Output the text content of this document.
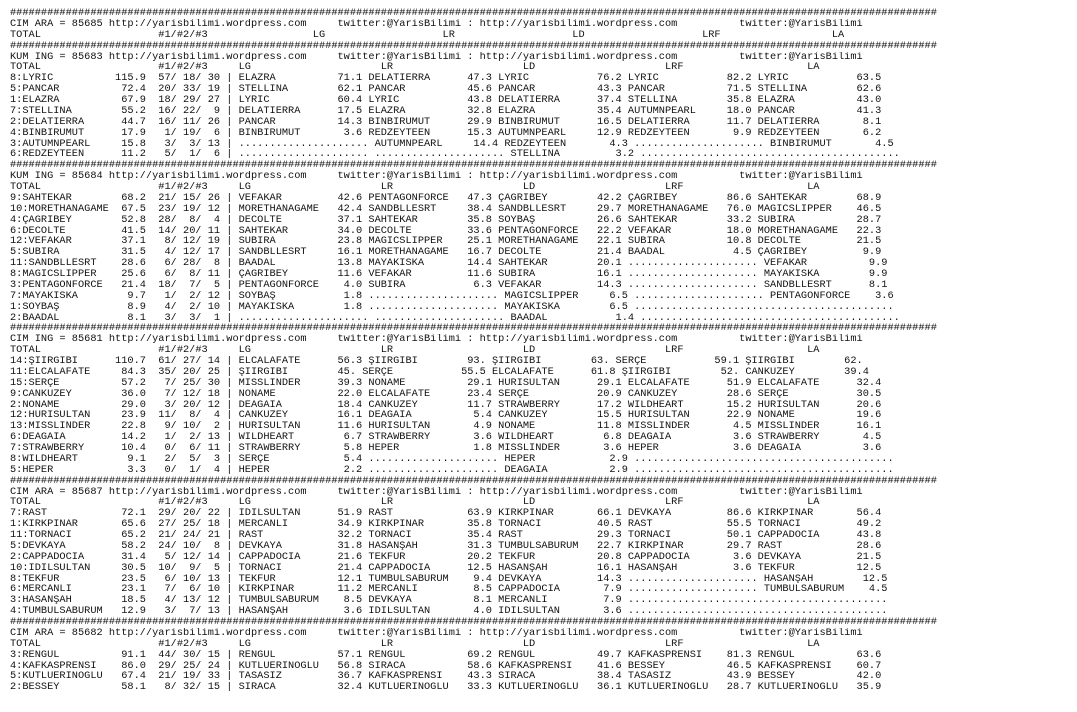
######################################################################################################################################################
CIM ARA = 85685 http://yarisbilimi.wordpress.com     twitter:@YarisBilimi : http://yarisbilimi.wordpress.com          twitter:@YarisBilimi
TOTAL                   #1/#2/#3                 LG                   LR                   LD                   LRF                  LA
######################################################################################################################################################
KUM ING = 85683 http://yarisbilimi.wordpress.com     twitter:@YarisBilimi : http://yarisbilimi.wordpress.com          twitter:@YarisBilimi
TOTAL                   #1/#2/#3     LG                     LR                     LD                     LRF                    LA
8:LYRIC          115.9  57/ 18/ 30 | ELAZRA          71.1 DELATIERRA      47.3 LYRIC           76.2 LYRIC           82.2 LYRIC           63.5
5:PANCAR          72.4  20/ 33/ 19 | STELLINA        62.1 PANCAR          45.6 PANCAR          43.3 PANCAR          71.5 STELLINA        62.6
1:ELAZRA          67.9  18/ 29/ 27 | LYRIC           60.4 LYRIC           43.8 DELATIERRA      37.4 STELLINA        35.8 ELAZRA          43.0
7:STELLINA        55.2  16/ 22/  9 | DELATIERRA      17.5 ELAZRA          32.8 ELAZRA          35.4 AUTUMNPEARL     18.0 PANCAR          41.3
2:DELATIERRA      44.7  16/ 11/ 26 | PANCAR          14.3 BINBIRUMUT      29.9 BINBIRUMUT      16.5 DELATIERRA      11.7 DELATIERRA       8.1
4:BINBIRUMUT      17.9   1/ 19/  6 | BINBIRUMUT       3.6 REDZEYTEEN      15.3 AUTUMNPEARL     12.9 REDZEYTEEN       9.9 REDZEYTEEN       6.2
3:AUTUMNPEARL     15.8   3/  3/ 13 | ..................... AUTUMNPEARL     14.4 REDZEYTEEN       4.3 ..................... BINBIRUMUT       4.5
6:REDZEYTEEN      11.2   5/  1/  6 | ..................... ..................... STELLINA         3.2 ..........................................
######################################################################################################################################################
KUM ING = 85684 http://yarisbilimi.wordpress.com     twitter:@YarisBilimi : http://yarisbilimi.wordpress.com          twitter:@YarisBilimi
TOTAL                   #1/#2/#3     LG                     LR                     LD                     LRF                    LA
9:SAHTEKAR        68.2  21/ 15/ 26 | VEFAKAR         42.6 PENTAGONFORCE   47.3 ÇAĞRIBEY        42.2 ÇAĞRIBEY        86.6 SAHTEKAR        68.9
10:MORETHANAGAME  67.5  23/ 19/ 12 | MORETHANAGAME   42.4 SANDBLLESRT     38.4 SANDBLLESRT     29.7 MORETHANAGAME   76.0 MAGICSLIPPER    46.5
4:ÇAĞRIBEY        52.8  28/  8/  4 | DECOLTE         37.1 SAHTEKAR        35.8 SOYBAŞ          26.6 SAHTEKAR        33.2 SUBIRA          28.7
6:DECOLTE         41.5  14/ 20/ 11 | SAHTEKAR        34.0 DECOLTE         33.6 PENTAGONFORCE   22.2 VEFAKAR         18.0 MORETHANAGAME   22.3
12:VEFAKAR        37.1   8/ 12/ 19 | SUBIRA          23.8 MAGICSLIPPER    25.1 MORETHANAGAME   22.1 SUBIRA          10.8 DECOLTE         21.5
5:SUBIRA          31.5   4/ 12/ 17 | SANDBLLESRT     16.1 MORETHANAGAME   16.7 DECOLTE         21.4 BAADAL           4.5 ÇAĞRIBEY         9.9
11:SANDBLLESRT    28.6   6/ 28/  8 | BAADAL          13.8 MAYAKISKA       14.4 SAHTEKAR        20.1 ..................... VEFAKAR          9.9
8:MAGICSLIPPER    25.6   6/  8/ 11 | ÇAĞRIBEY        11.6 VEFAKAR         11.6 SUBIRA          16.1 ..................... MAYAKISKA        9.9
3:PENTAGONFORCE   21.4  18/  7/  5 | PENTAGONFORCE    4.0 SUBIRA           6.3 VEFAKAR         14.3 ..................... SANDBLLESRT      8.1
7:MAYAKISKA        9.7   1/  2/ 12 | SOYBAŞ           1.8 ..................... MAGICSLIPPER     6.5 ..................... PENTAGONFORCE    3.6
1:SOYBAŞ           8.9   4/  2/ 10 | MAYAKISKA        1.8 ..................... MAYAKISKA        6.5 ..........................................
2:BAADAL           8.1   3/  3/  1 | ..................... ..................... BAADAL           1.4 ..........................................
######################################################################################################################################################
CIM ING = 85681 http://yarisbilimi.wordpress.com     twitter:@YarisBilimi : http://yarisbilimi.wordpress.com          twitter:@YarisBilimi
TOTAL                   #1/#2/#3     LG                     LR                     LD                     LRF                    LA
14:ŞİİRGİBİ      110.7  61/ 27/ 14 | ELCALAFATE      56.3 ŞİİRGİBİ        93. ŞİİRGİBİ        63. SERÇE           59.1 ŞİİRGİBİ        62.
11:ELCALAFATE     84.3  35/ 20/ 25 | ŞİİRGİBİ        45. SERÇE           55.5 ELCALAFATE      61.8 ŞİİRGİBİ        52. CANKUZEY        39.4
15:SERÇE          57.2   7/ 25/ 30 | MISSLINDER      39.3 NONAME          29.1 HURISULTAN      29.1 ELCALAFATE      51.9 ELCALAFATE      32.4
9:CANKUZEY        36.0   7/ 12/ 18 | NONAME          22.0 ELCALAFATE      23.4 SERÇE           20.9 CANKUZEY        28.6 SERÇE           30.5
2:NONAME          29.0   3/ 20/ 12 | DEAGAIA         18.4 CANKUZEY        11.7 STRAWBERRY      17.2 WILDHEART       15.2 HURISULTAN      20.6
12:HURISULTAN     23.9  11/  8/  4 | CANKUZEY        16.1 DEAGAIA          5.4 CANKUZEY        15.5 HURISULTAN      22.9 NONAME          19.6
13:MISSLINDER     22.8   9/ 10/  2 | HURISULTAN      11.6 HURISULTAN       4.9 NONAME          11.8 MISSLINDER       4.5 MISSLINDER      16.1
6:DEAGAIA         14.2   1/  2/ 13 | WILDHEART        6.7 STRAWBERRY       3.6 WILDHEART        6.8 DEAGAIA          3.6 STRAWBERRY       4.5
7:STRAWBERRY      10.4   0/  6/ 11 | STRAWBERRY       5.8 HEPER            1.8 MISSLINDER       3.6 HEPER            3.6 DEAGAIA          3.6
8:WILDHEART        9.1   2/  5/  3 | SERÇE            5.4 ..................... HEPER            2.9 ..........................................
5:HEPER            3.3   0/  1/  4 | HEPER            2.2 ..................... DEAGAIA          2.9 ..........................................
######################################################################################################################################################
CIM ARA = 85687 http://yarisbilimi.wordpress.com     twitter:@YarisBilimi : http://yarisbilimi.wordpress.com          twitter:@YarisBilimi
TOTAL                   #1/#2/#3     LG                     LR                     LD                     LRF                    LA
7:RAST            72.1  29/ 20/ 22 | İDİLSULTAN      51.9 RAST            63.9 KIRKPINAR       66.1 DEVKAYA         86.6 KIRKPINAR       56.4
1:KIRKPINAR       65.6  27/ 25/ 18 | MERCANLI        34.9 KIRKPINAR       35.8 TORNACI         40.5 RAST            55.5 TORNACI         49.2
11:TORNACI        65.2  21/ 24/ 21 | RAST            32.2 TORNACI         35.4 RAST            29.3 TORNACI         50.1 CAPPADOCIA      43.8
5:DEVKAYA         58.2  24/ 10/  8 | DEVKAYA         31.8 HASANŞAH        31.3 TUMBULSABURUM   22.7 KIRKPINAR       29.7 RAST            28.6
2:CAPPADOCIA      31.4   5/ 12/ 14 | CAPPADOCIA      21.6 TEKFUR          20.2 TEKFUR          20.8 CAPPADOCIA       3.6 DEVKAYA         21.5
10:İDİLSULTAN     30.5  10/  9/  5 | TORNACI         21.4 CAPPADOCIA      12.5 HASANŞAH        16.1 HASANŞAH         3.6 TEKFUR          12.5
8:TEKFUR          23.5   6/ 10/ 13 | TEKFUR          12.1 TUMBULSABURUM    9.4 DEVKAYA         14.3 ..................... HASANŞAH        12.5
6:MERCANLI        23.1   7/  6/ 10 | KIRKPINAR       11.2 MERCANLI         8.5 CAPPADOCIA       7.9 ..................... TUMBULSABURUM    4.5
3:HASANŞAH        18.5   4/ 13/ 12 | TUMBULSABURUM    8.5 DEVKAYA          8.1 MERCANLI         7.9 ..........................................
4:TUMBULSABURUM   12.9   3/  7/ 13 | HASANŞAH         3.6 İDİLSULTAN       4.0 İDİLSULTAN       3.6 ..........................................
######################################################################################################################################################
CIM ARA = 85682 http://yarisbilimi.wordpress.com     twitter:@YarisBilimi : http://yarisbilimi.wordpress.com          twitter:@YarisBilimi
TOTAL                   #1/#2/#3     LG                     LR                     LD                     LRF                    LA
3:RENGÜL          91.1  44/ 30/ 15 | RENGÜL          57.1 RENGÜL          69.2 RENGÜL          49.7 KAFKASPRENSİ    81.3 RENGÜL          63.6
4:KAFKASPRENSİ    86.0  29/ 25/ 24 | KUTLUERİNOĞLU   56.8 SIRACA          58.6 KAFKASPRENSİ    41.6 BESSEY          46.5 KAFKASPRENSİ    60.7
5:KUTLUERİNOĞLU   67.4  21/ 19/ 33 | TASASIZ         36.7 KAFKASPRENSİ    43.3 SIRACA          38.4 TASASIZ         43.9 BESSEY          42.0
2:BESSEY          58.1   8/ 32/ 15 | SIRACA          32.4 KUTLUERİNOĞLU   33.3 KUTLUERİNOĞLU   36.1 KUTLUERİNOĞLU   28.7 KUTLUERİNOĞLU   35.9
